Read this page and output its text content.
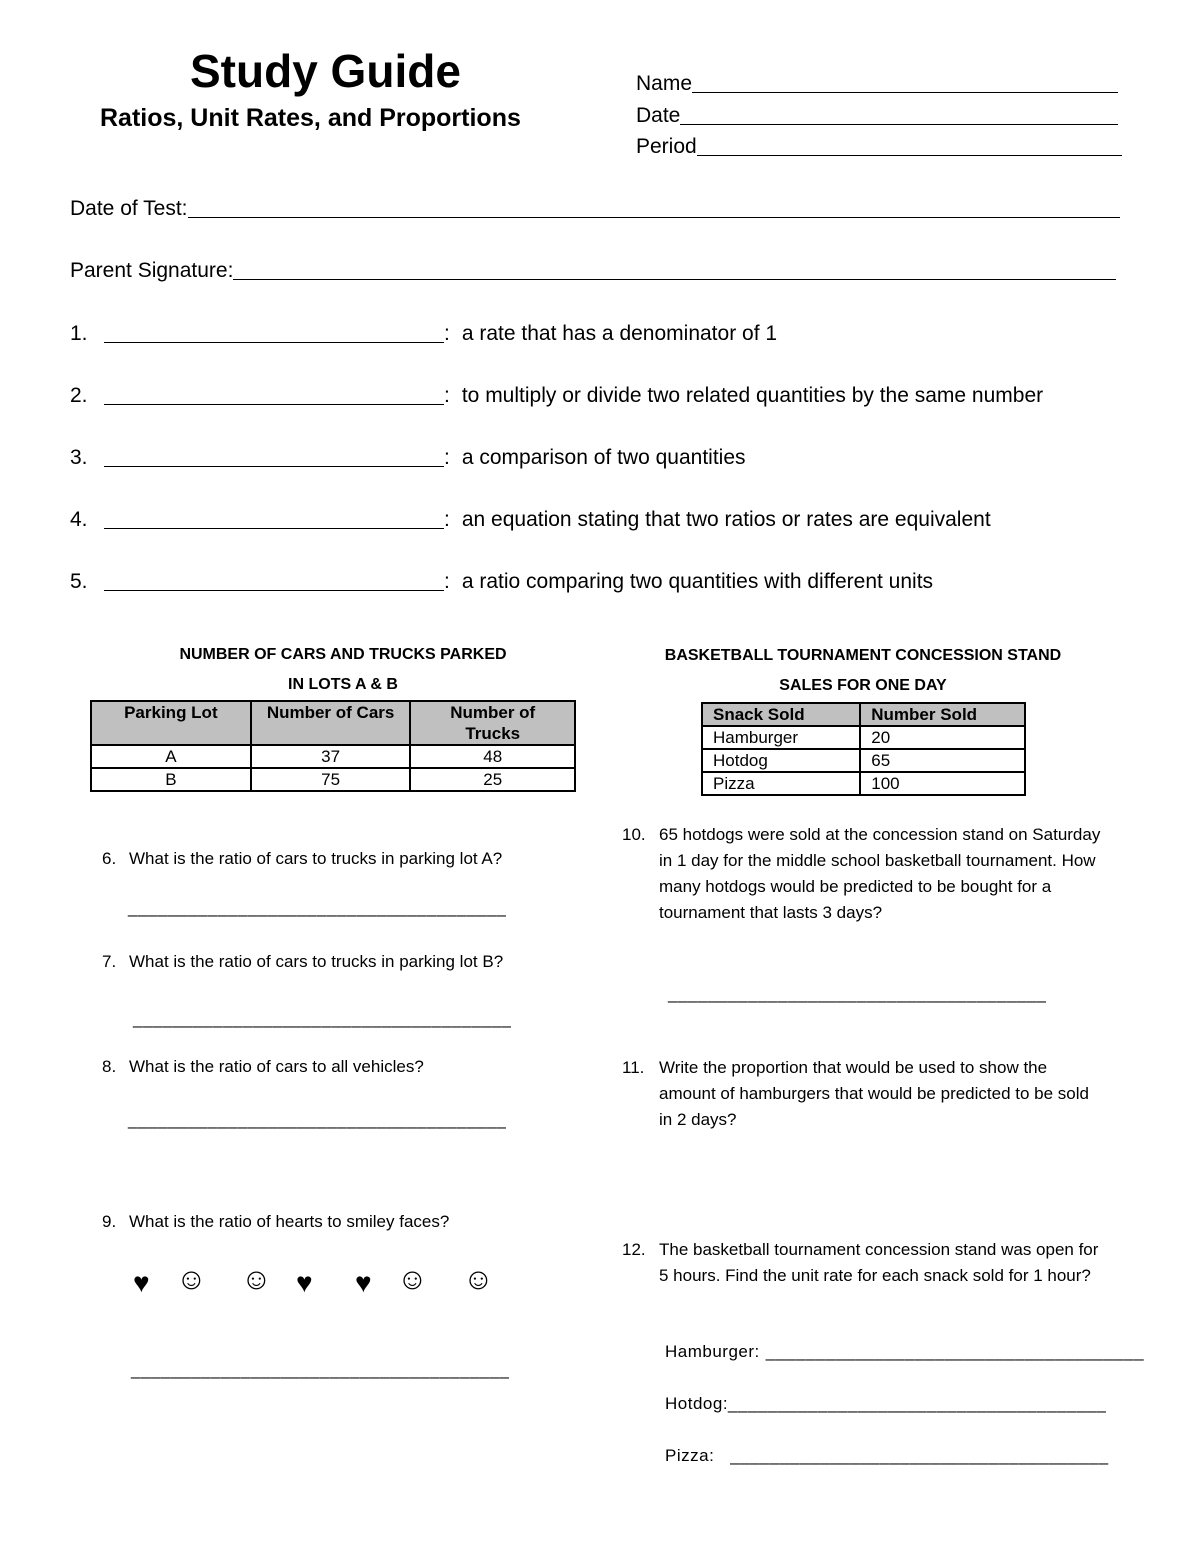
Study Guide
Ratios, Unit Rates, and Proportions
Name
Date
Period
Date of Test:
Parent Signature:
1.	: a rate that has a denominator of 1
2.	: to multiply or divide two related quantities by the same number
3.	: a comparison of two quantities
4.	: an equation stating that two ratios or rates are equivalent
5.	: a ratio comparing two quantities with different units
NUMBER OF CARS AND TRUCKS PARKED
IN LOTS A & B
Parking Lot	Number of Cars	Number of Trucks
A	37	48
B	75	25
BASKETBALL TOURNAMENT CONCESSION STAND
SALES FOR ONE DAY
Snack Sold	Number Sold
Hamburger	20
Hotdog	65
Pizza	100
6. What is the ratio of cars to trucks in parking lot A?
______________________________________
7. What is the ratio of cars to trucks in parking lot B?
______________________________________
8. What is the ratio of cars to all vehicles?
______________________________________
9. What is the ratio of hearts to smiley faces?
♥ ☺ ☺ ♥ ♥ ☺ ☺
______________________________________
10. 65 hotdogs were sold at the concession stand on Saturday in 1 day for the middle school basketball tournament. How many hotdogs would be predicted to be bought for a tournament that lasts 3 days?
______________________________________
11. Write the proportion that would be used to show the amount of hamburgers that would be predicted to be sold in 2 days?
12. The basketball tournament concession stand was open for 5 hours. Find the unit rate for each snack sold for 1 hour?
Hamburger: ______________________________________
Hotdog: ______________________________________
Pizza: ______________________________________
